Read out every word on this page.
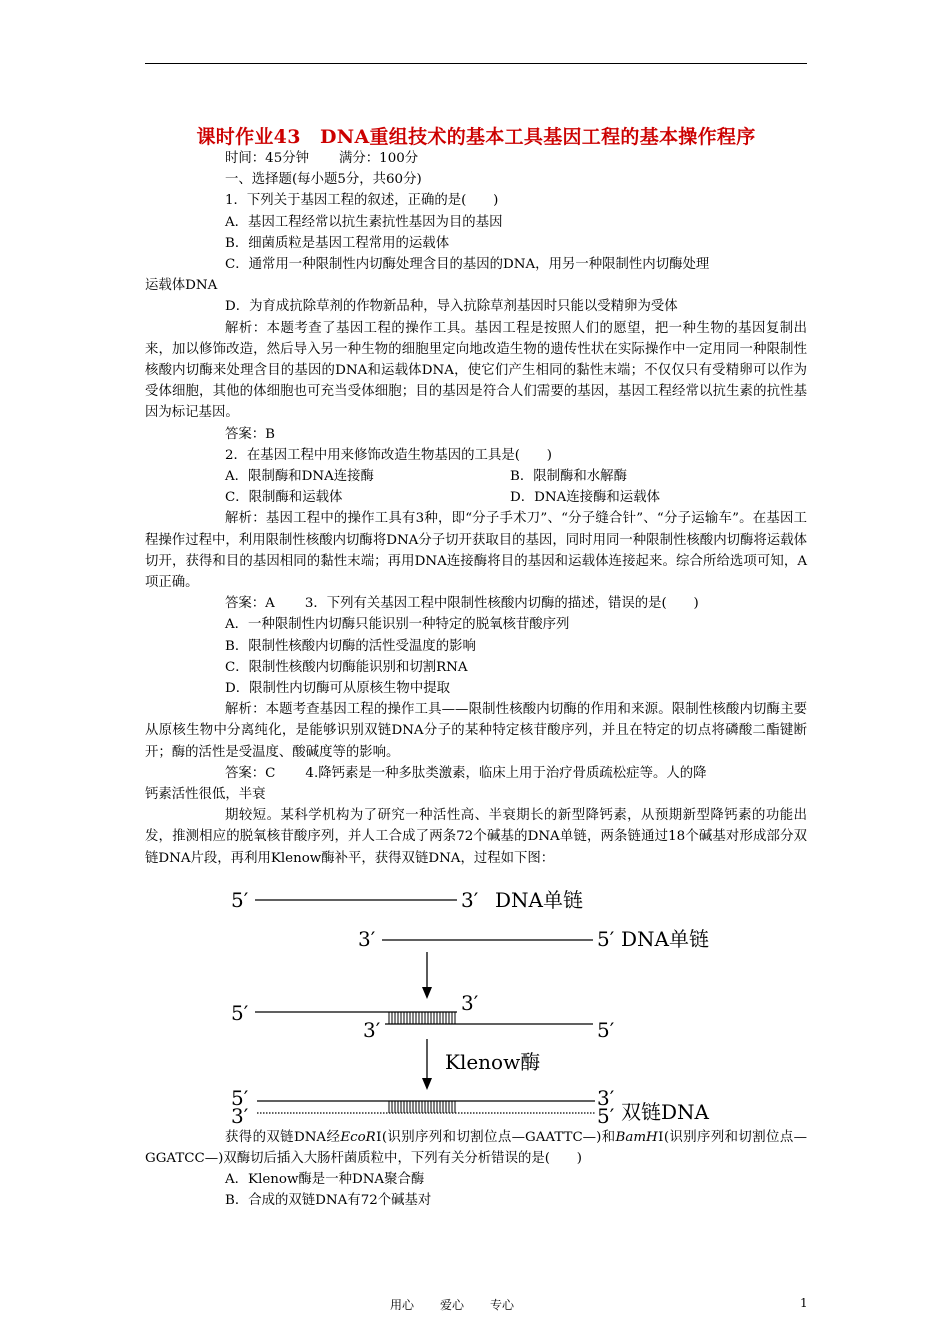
课时作业43　DNA重组技术的基本工具基因工程的基本操作程序
时间：45分钟 满分：100分
一、选择题(每小题5分，共60分)
1．下列关于基因工程的叙述，正确的是(　　)
A．基因工程经常以抗生素抗性基因为目的基因
B．细菌质粒是基因工程常用的运载体
C．通常用一种限制性内切酶处理含目的基因的DNA，用另一种限制性内切酶处理
运载体DNA
D．为育成抗除草剂的作物新品种，导入抗除草剂基因时只能以受精卵为受体
解析：本题考查了基因工程的操作工具。基因工程是按照人们的愿望，把一种生物的基因复制出来，加以修饰改造，然后导入另一种生物的细胞里定向地改造生物的遗传性状在实际操作中一定用同一种限制性核酸内切酶来处理含目的基因的DNA和运载体DNA，使它们产生相同的黏性末端；不仅仅只有受精卵可以作为受体细胞，其他的体细胞也可充当受体细胞；目的基因是符合人们需要的基因，基因工程经常以抗生素的抗性基因为标记基因。
答案：B
2．在基因工程中用来修饰改造生物基因的工具是(　　)
A．限制酶和DNA连接酶	B．限制酶和水解酶
C．限制酶和运载体	D．DNA连接酶和运载体
解析：基因工程中的操作工具有3种，即“分子手术刀”、“分子缝合针”、“分子运输车”。在基因工程操作过程中，利用限制性核酸内切酶将DNA分子切开获取目的基因，同时用同一种限制性核酸内切酶将运载体切开，获得和目的基因相同的黏性末端；再用DNA连接酶将目的基因和运载体连接起来。综合所给选项可知，A项正确。
答案：A 3．下列有关基因工程中限制性核酸内切酶的描述，错误的是(　　)
A．一种限制性内切酶只能识别一种特定的脱氧核苷酸序列
B．限制性核酸内切酶的活性受温度的影响
C．限制性核酸内切酶能识别和切割RNA
D．限制性内切酶可从原核生物中提取
解析：本题考查基因工程的操作工具——限制性核酸内切酶的作用和来源。限制性核酸内切酶主要从原核生物中分离纯化，是能够识别双链DNA分子的某种特定核苷酸序列，并且在特定的切点将磷酸二酯键断开；酶的活性是受温度、酸碱度等的影响。
答案：C 4.降钙素是一种多肽类激素，临床上用于治疗骨质疏松症等。人的降
钙素活性很低，半衰
期较短。某科学机构为了研究一种活性高、半衰期长的新型降钙素，从预期新型降钙素的功能出发，推测相应的脱氧核苷酸序列，并人工合成了两条72个碱基的DNA单链，两条链通过18个碱基对形成部分双链DNA片段，再利用Klenow酶补平，获得双链DNA，过程如下图：
5′	3′ DNA单链
3′	5′ DNA单链
5′	3′
3′	5′
Klenow酶
5′
3′
3′
5′ 双链DNA
获得的双链DNA经EcoRⅠ(识别序列和切割位点—GAATTC—)和BamHⅠ(识别序列和切割位点—GGATCC—)双酶切后插入大肠杆菌质粒中，下列有关分析错误的是(　　)
A．Klenow酶是一种DNA聚合酶
B．合成的双链DNA有72个碱基对
用心 爱心 专心	1
